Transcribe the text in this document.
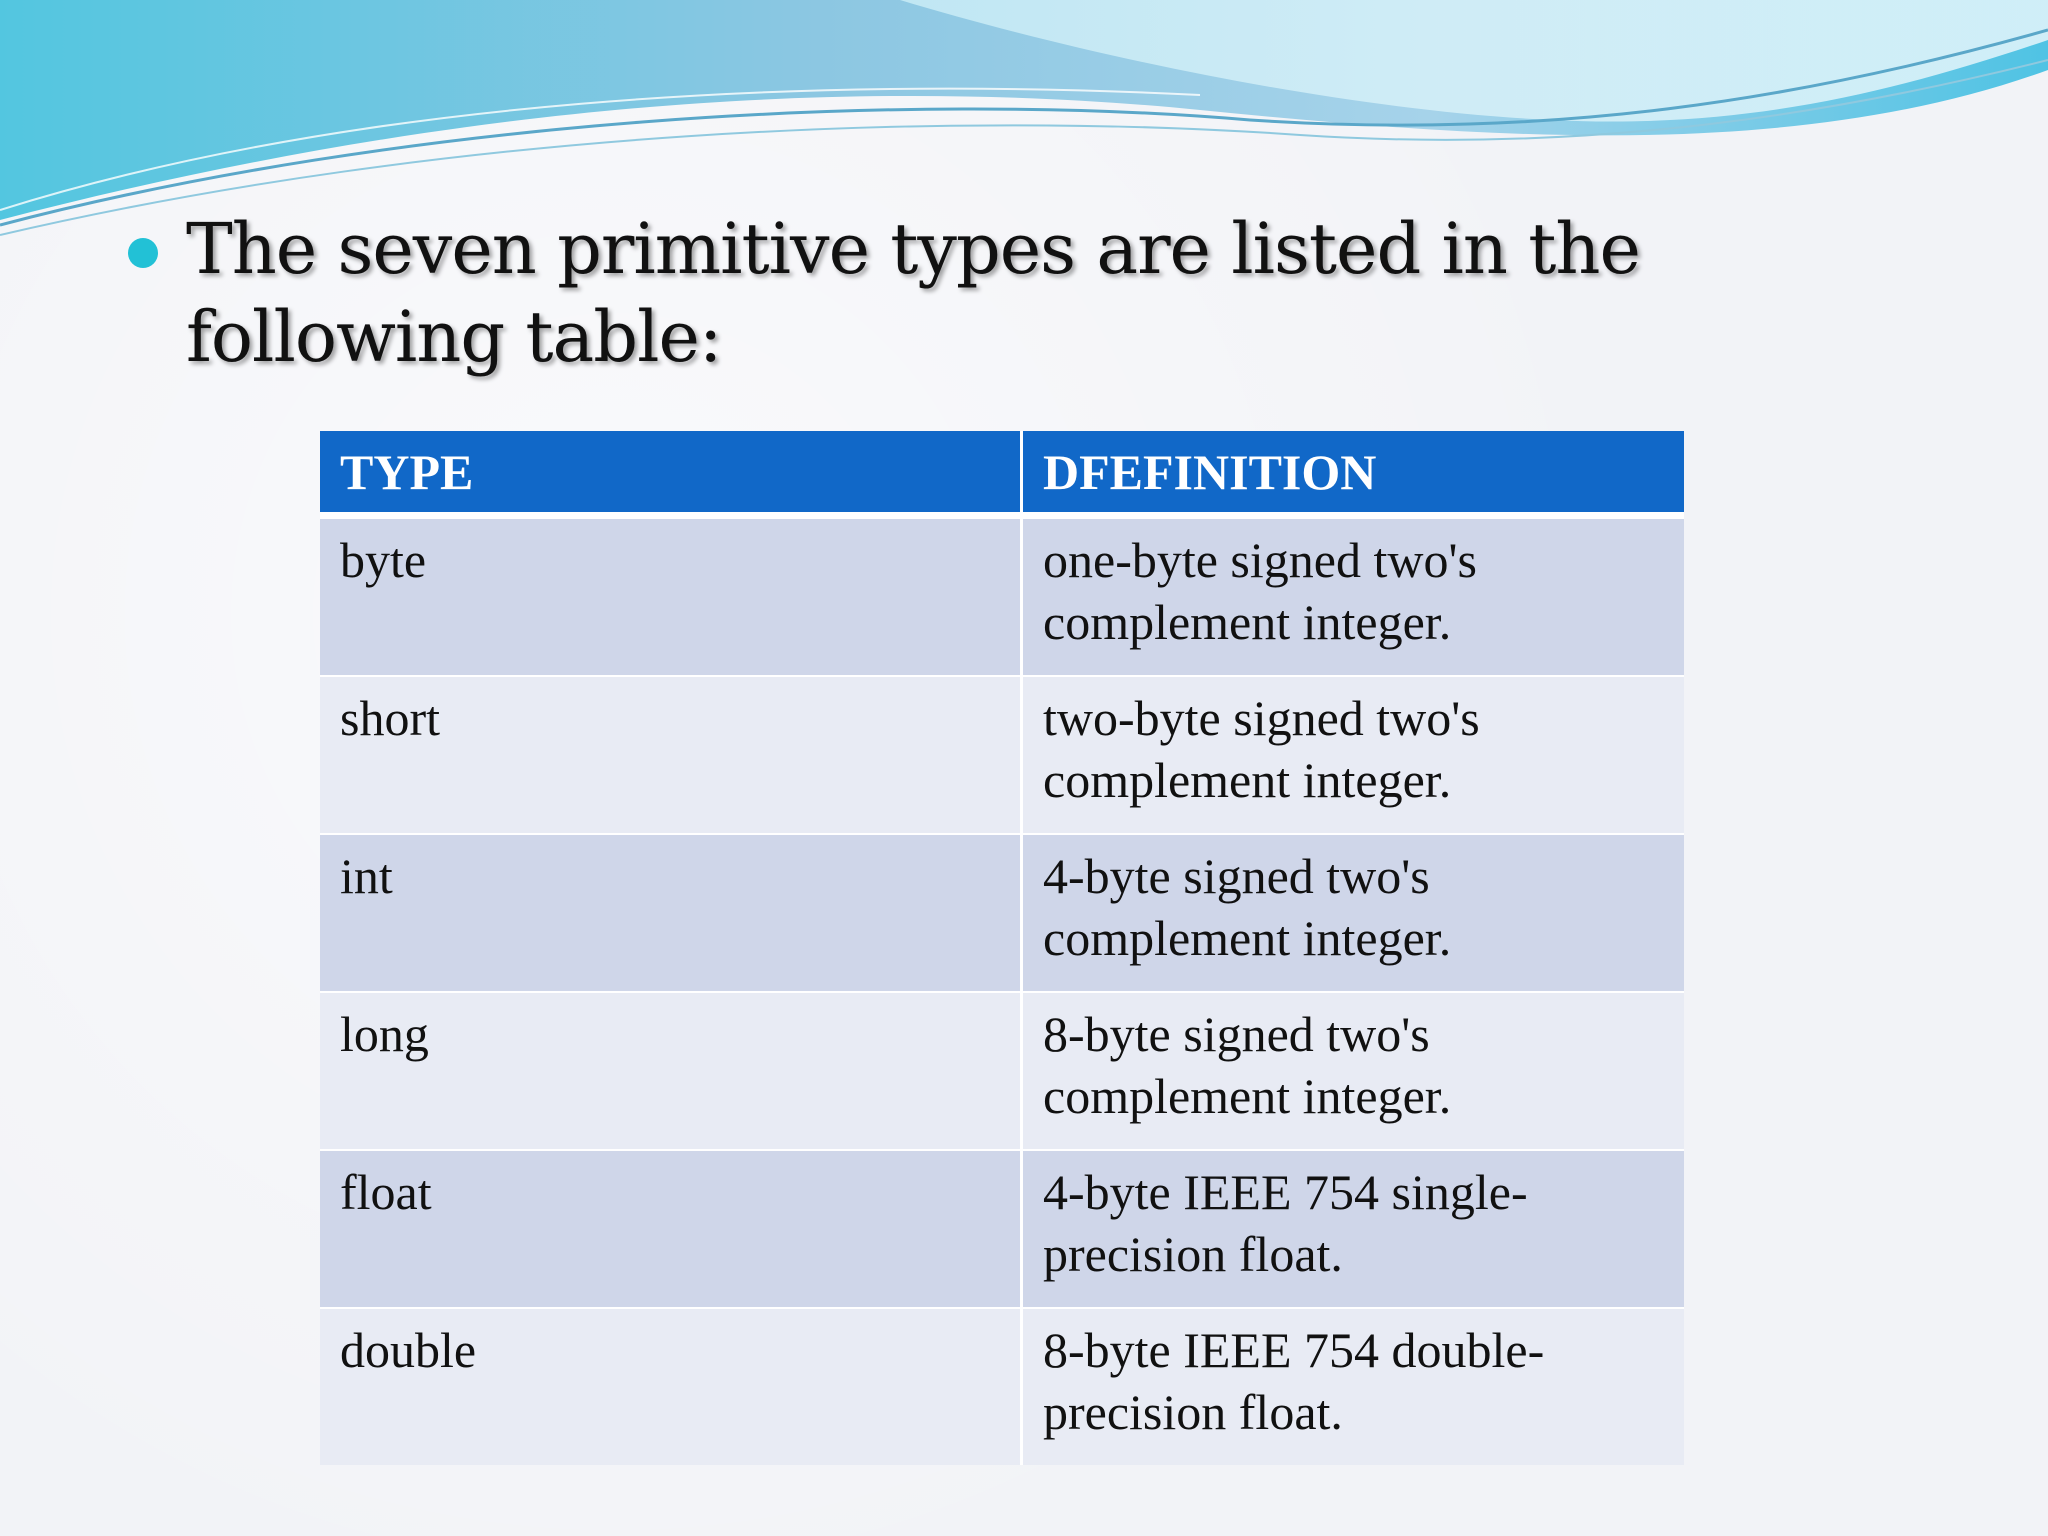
The seven primitive types are listed in the following table:

TYPE	DFEFINITION
byte	one-byte signed two's complement integer.
short	two-byte signed two's complement integer.
int	4-byte signed two's complement integer.
long	8-byte signed two's complement integer.
float	4-byte IEEE 754 single-precision float.
double	8-byte IEEE 754 double-precision float.
